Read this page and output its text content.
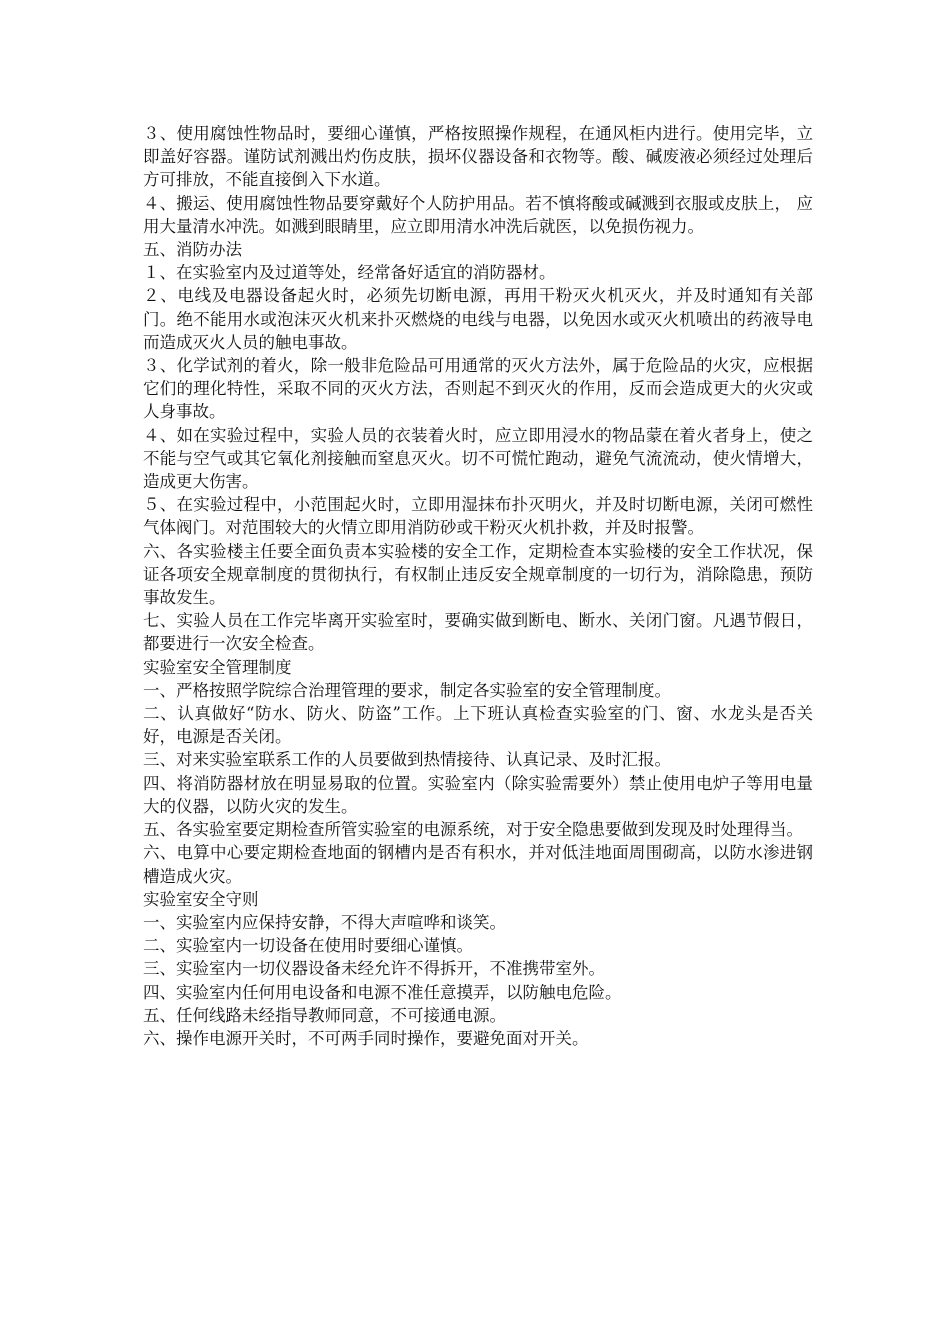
３、使用腐蚀性物品时，要细心谨慎，严格按照操作规程，在通风柜内进行。使用完毕，立即盖好容器。谨防试剂溅出灼伤皮肤，损坏仪器设备和衣物等。酸、碱废液必须经过处理后方可排放，不能直接倒入下水道。

４、搬运、使用腐蚀性物品要穿戴好个人防护用品。若不慎将酸或碱溅到衣服或皮肤上， 应用大量清水冲洗。如溅到眼睛里，应立即用清水冲洗后就医，以免损伤视力。

五、消防办法

１、在实验室内及过道等处，经常备好适宜的消防器材。

２、电线及电器设备起火时，必须先切断电源，再用干粉灭火机灭火，并及时通知有关部门。绝不能用水或泡沫灭火机来扑灭燃烧的电线与电器，以免因水或灭火机喷出的药液导电而造成灭火人员的触电事故。

３、化学试剂的着火，除一般非危险品可用通常的灭火方法外，属于危险品的火灾，应根据它们的理化特性，采取不同的灭火方法，否则起不到灭火的作用，反而会造成更大的火灾或人身事故。

４、如在实验过程中，实验人员的衣装着火时，应立即用浸水的物品蒙在着火者身上，使之不能与空气或其它氧化剂接触而窒息灭火。切不可慌忙跑动，避免气流流动，使火情增大，造成更大伤害。

５、在实验过程中，小范围起火时，立即用湿抹布扑灭明火，并及时切断电源，关闭可燃性气体阀门。对范围较大的火情立即用消防砂或干粉灭火机扑救，并及时报警。

六、各实验楼主任要全面负责本实验楼的安全工作，定期检查本实验楼的安全工作状况，保证各项安全规章制度的贯彻执行，有权制止违反安全规章制度的一切行为，消除隐患，预防事故发生。

七、实验人员在工作完毕离开实验室时，要确实做到断电、断水、关闭门窗。凡遇节假日，都要进行一次安全检查。

实验室安全管理制度

一、严格按照学院综合治理管理的要求，制定各实验室的安全管理制度。

二、认真做好“防水、防火、防盗”工作。上下班认真检查实验室的门、窗、水龙头是否关好，电源是否关闭。

三、对来实验室联系工作的人员要做到热情接待、认真记录、及时汇报。

四、将消防器材放在明显易取的位置。实验室内（除实验需要外）禁止使用电炉子等用电量大的仪器，以防火灾的发生。

五、各实验室要定期检查所管实验室的电源系统，对于安全隐患要做到发现及时处理得当。

六、电算中心要定期检查地面的钢槽内是否有积水，并对低洼地面周围砌高，以防水渗进钢槽造成火灾。

实验室安全守则

一、实验室内应保持安静，不得大声喧哗和谈笑。

二、实验室内一切设备在使用时要细心谨慎。

三、实验室内一切仪器设备未经允许不得拆开，不准携带室外。

四、实验室内任何用电设备和电源不准任意摸弄，以防触电危险。

五、任何线路未经指导教师同意，不可接通电源。

六、操作电源开关时，不可两手同时操作，要避免面对开关。
